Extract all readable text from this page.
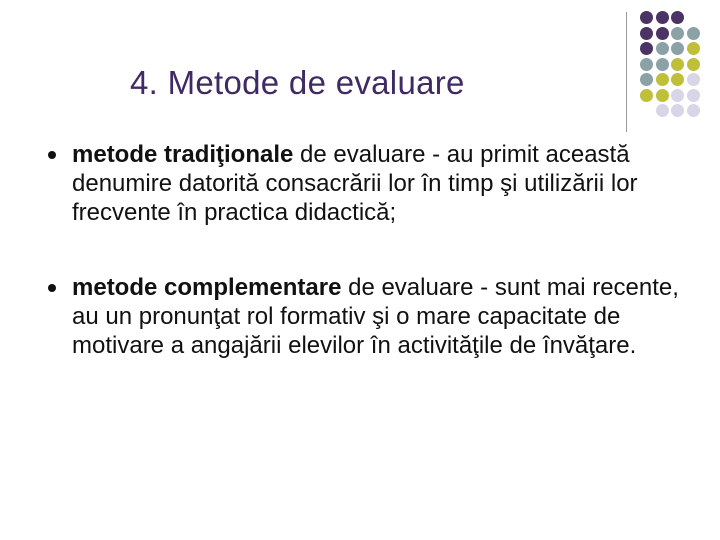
4. Metode de evaluare
metode tradiţionale de evaluare - au primit această denumire datorită consacrării lor în timp şi utilizării lor frecvente în practica didactică;
metode complementare de evaluare - sunt mai recente, au un pronunţat rol formativ şi o mare capacitate de motivare a angajării elevilor în activităţile de învăţare.
